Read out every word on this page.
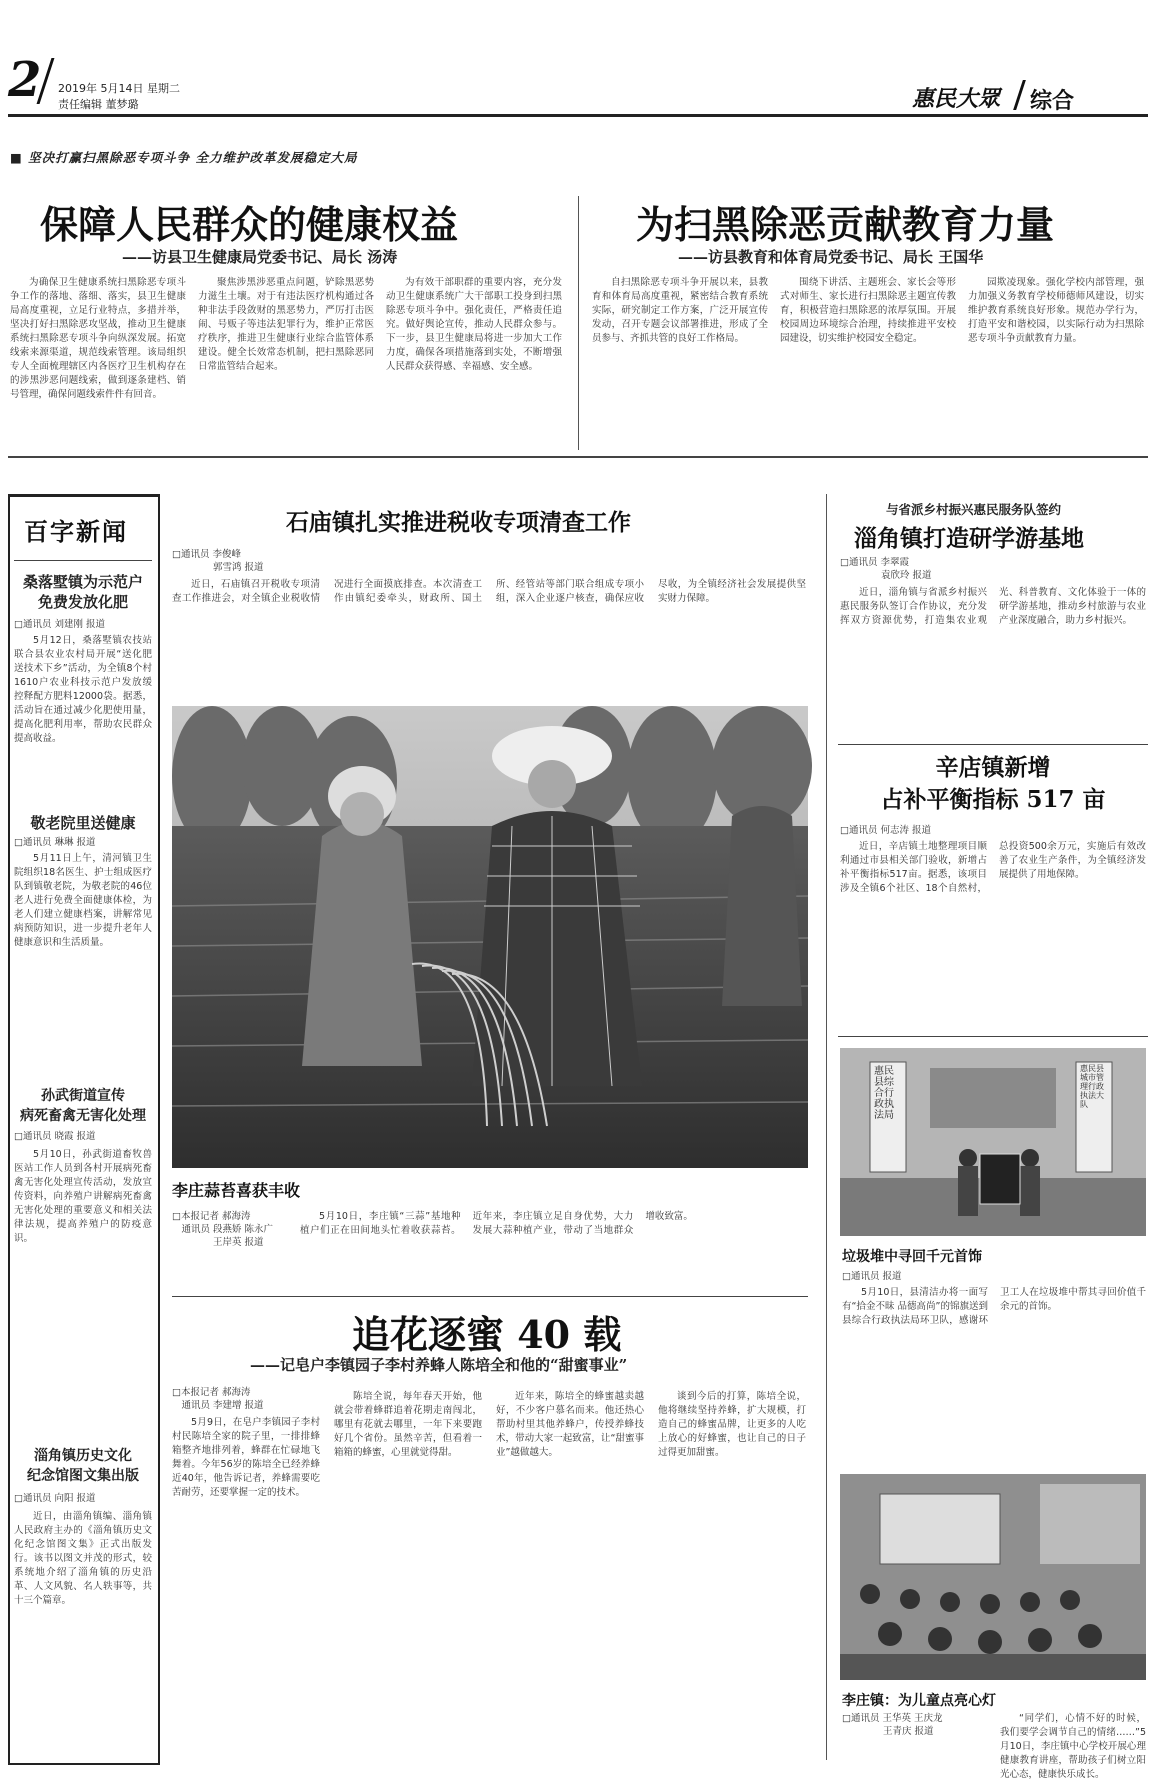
2 2019年 5月14日 星期二
责任编辑 董梦璐	惠民大眾 综合
■ 坚决打赢扫黑除恶专项斗争 全力维护改革发展稳定大局
保障人民群众的健康权益
——访县卫生健康局党委书记、局长 汤涛
为确保卫生健康系统扫黑除恶专项斗争工作的落地、落细、落实，县卫生健康局高度重视，立足行业特点，多措并举，坚决打好扫黑除恶攻坚战，推动卫生健康系统扫黑除恶专项斗争向纵深发展。拓宽线索来源渠道，规范线索管理。该局组织专人全面梳理辖区内各医疗卫生机构存在的涉黑涉恶问题线索，做到逐条建档、销号管理，确保问题线索件件有回音。
聚焦涉黑涉恶重点问题，铲除黑恶势力滋生土壤。对于有违法医疗机构通过各种非法手段敛财的黑恶势力，严厉打击医闹、号贩子等违法犯罪行为，维护正常医疗秩序，推进卫生健康行业综合监管体系建设。健全长效常态机制，把扫黑除恶同日常监管结合起来。
为有效干部职群的重要内容，充分发动卫生健康系统广大干部职工投身到扫黑除恶专项斗争中。强化责任，严格责任追究。做好舆论宣传，推动人民群众参与。下一步，县卫生健康局将进一步加大工作力度，确保各项措施落到实处，不断增强人民群众获得感、幸福感、安全感。
为扫黑除恶贡献教育力量
——访县教育和体育局党委书记、局长 王国华
自扫黑除恶专项斗争开展以来，县教育和体育局高度重视，紧密结合教育系统实际，研究制定工作方案，广泛开展宣传发动，召开专题会议部署推进，形成了全员参与、齐抓共管的良好工作格局。
围绕下讲活、主题班会、家长会等形式对师生、家长进行扫黑除恶主题宣传教育，积极营造扫黑除恶的浓厚氛围。开展校园周边环境综合治理，持续推进平安校园建设，切实维护校园安全稳定。
园欺凌现象。强化学校内部管理，强力加强义务教育学校师德师风建设，切实维护教育系统良好形象。规范办学行为，打造平安和谐校园，以实际行动为扫黑除恶专项斗争贡献教育力量。
百字新闻
桑落墅镇为示范户
免费发放化肥
□通讯员 刘建刚 报道
5月12日，桑落墅镇农技站联合县农业农村局开展“送化肥 送技术下乡”活动，为全镇8个村1610户农业科技示范户发放缓控释配方肥料12000袋。据悉，活动旨在通过减少化肥使用量，提高化肥利用率，帮助农民群众提高收益。
敬老院里送健康
□通讯员 琳琳 报道
5月11日上午，清河镇卫生院组织18名医生、护士组成医疗队到镇敬老院，为敬老院的46位老人进行免费全面健康体检，为老人们建立健康档案，讲解常见病预防知识，进一步提升老年人健康意识和生活质量。
孙武街道宣传
病死畜禽无害化处理
□通讯员 晓霞 报道
5月10日，孙武街道畜牧兽医站工作人员到各村开展病死畜禽无害化处理宣传活动，发放宣传资料，向养殖户讲解病死畜禽无害化处理的重要意义和相关法律法规，提高养殖户的防疫意识。
淄角镇历史文化
纪念馆图文集出版
□通讯员 向阳 报道
近日，由淄角镇编、淄角镇人民政府主办的《淄角镇历史文化纪念馆图文集》正式出版发行。该书以图文并茂的形式，较系统地介绍了淄角镇的历史沿革、人文风貌、名人轶事等，共十三个篇章。
石庙镇扎实推进税收专项清查工作
□通讯员 李俊峰
　　　　 郭雪鸿 报道
近日，石庙镇召开税收专项清查工作推进会，对全镇企业税收情况进行全面摸底排查。本次清查工作由镇纪委牵头，财政所、国土所、经管站等部门联合组成专项小组，深入企业逐户核查，确保应收尽收，为全镇经济社会发展提供坚实财力保障。
李庄蒜苔喜获丰收
□本报记者 郝海涛
　通讯员 段燕娇 陈永广
　　　　 王岸英 报道
5月10日，李庄镇“三蒜”基地种植户们正在田间地头忙着收获蒜苔。近年来，李庄镇立足自身优势，大力发展大蒜种植产业，带动了当地群众增收致富。
与省派乡村振兴惠民服务队签约
淄角镇打造研学游基地
□通讯员 李翠霞
　　　　 袁欣玲 报道
近日，淄角镇与省派乡村振兴惠民服务队签订合作协议，充分发挥双方资源优势，打造集农业观光、科普教育、文化体验于一体的研学游基地，推动乡村旅游与农业产业深度融合，助力乡村振兴。
辛店镇新增
占补平衡指标 517 亩
□通讯员 何志涛 报道
近日，辛店镇土地整理项目顺利通过市县相关部门验收，新增占补平衡指标517亩。据悉，该项目涉及全镇6个社区、18个自然村，总投资500余万元，实施后有效改善了农业生产条件，为全镇经济发展提供了用地保障。
惠民县综合行政执法局
惠民县城市管理行政执法大队
垃圾堆中寻回千元首饰
□通讯员 报道
5月10日，县清洁办将一面写有“拾金不昧 品德高尚”的锦旗送到县综合行政执法局环卫队，感谢环卫工人在垃圾堆中帮其寻回价值千余元的首饰。
李庄镇：为儿童点亮心灯
□通讯员 王华英 王庆龙
　　　　 王青庆 报道
“同学们，心情不好的时候，我们要学会调节自己的情绪……”5月10日，李庄镇中心学校开展心理健康教育讲座，帮助孩子们树立阳光心态，健康快乐成长。
追花逐蜜 40 载
——记皂户李镇园子李村养蜂人陈培全和他的“甜蜜事业”
□本报记者 郝海涛
　通讯员 李建增 报道
5月9日，在皂户李镇园子李村村民陈培全家的院子里，一排排蜂箱整齐地排列着，蜂群在忙碌地飞舞着。今年56岁的陈培全已经养蜂近40年，他告诉记者，养蜂需要吃苦耐劳，还要掌握一定的技术。
陈培全说，每年春天开始，他就会带着蜂群追着花期走南闯北，哪里有花就去哪里，一年下来要跑好几个省份。虽然辛苦，但看着一箱箱的蜂蜜，心里就觉得甜。
近年来，陈培全的蜂蜜越卖越好，不少客户慕名而来。他还热心帮助村里其他养蜂户，传授养蜂技术，带动大家一起致富，让“甜蜜事业”越做越大。
谈到今后的打算，陈培全说，他将继续坚持养蜂，扩大规模，打造自己的蜂蜜品牌，让更多的人吃上放心的好蜂蜜，也让自己的日子过得更加甜蜜。
